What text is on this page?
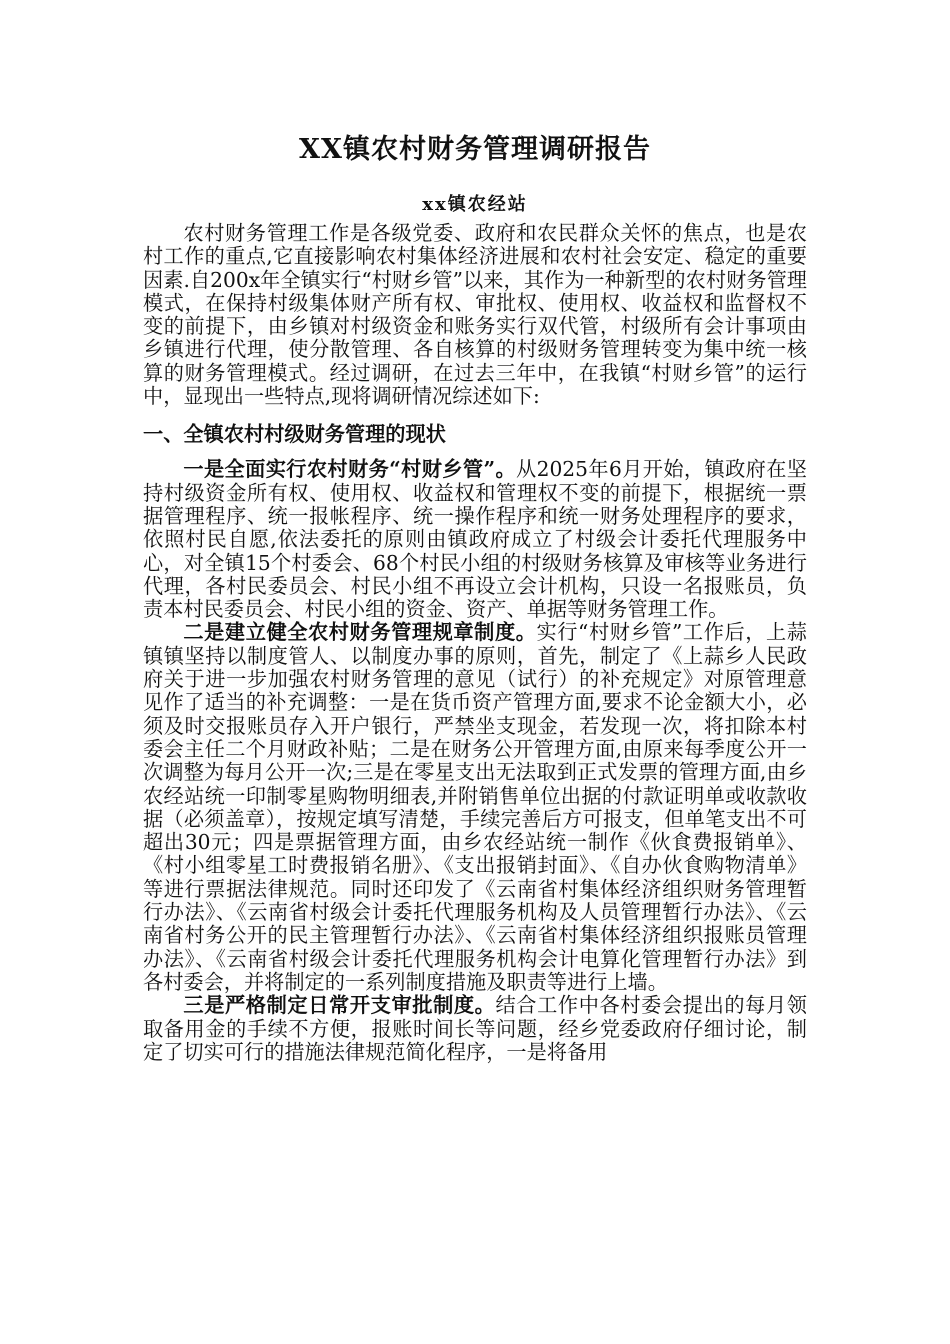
XX镇农村财务管理调研报告
xx镇农经站

农村财务管理工作是各级党委、政府和农民群众关怀的焦点，也是农村工作的重点,它直接影响农村集体经济进展和农村社会安定、稳定的重要因素.自200x年全镇实行“村财乡管”以来，其作为一种新型的农村财务管理模式，在保持村级集体财产所有权、审批权、使用权、收益权和监督权不变的前提下，由乡镇对村级资金和账务实行双代管，村级所有会计事项由乡镇进行代理，使分散管理、各自核算的村级财务管理转变为集中统一核算的财务管理模式。经过调研，在过去三年中，在我镇“村财乡管”的运行中，显现出一些特点,现将调研情况综述如下:

一、全镇农村村级财务管理的现状

一是全面实行农村财务“村财乡管”。从2025年6月开始，镇政府在坚持村级资金所有权、使用权、收益权和管理权不变的前提下，根据统一票据管理程序、统一报帐程序、统一操作程序和统一财务处理程序的要求，依照村民自愿,依法委托的原则由镇政府成立了村级会计委托代理服务中心，对全镇15个村委会、68个村民小组的村级财务核算及审核等业务进行代理，各村民委员会、村民小组不再设立会计机构，只设一名报账员，负责本村民委员会、村民小组的资金、资产、单据等财务管理工作。

二是建立健全农村财务管理规章制度。实行“村财乡管”工作后，上蒜镇镇坚持以制度管人、以制度办事的原则，首先，制定了《上蒜乡人民政府关于进一步加强农村财务管理的意见（试行）的补充规定》对原管理意见作了适当的补充调整：一是在货币资产管理方面,要求不论金额大小，必须及时交报账员存入开户银行，严禁坐支现金，若发现一次，将扣除本村委会主任二个月财政补贴；二是在财务公开管理方面,由原来每季度公开一次调整为每月公开一次;三是在零星支出无法取到正式发票的管理方面,由乡农经站统一印制零星购物明细表,并附销售单位出据的付款证明单或收款收据（必须盖章），按规定填写清楚，手续完善后方可报支，但单笔支出不可超出30元；四是票据管理方面，由乡农经站统一制作《伙食费报销单》、《村小组零星工时费报销名册》、《支出报销封面》、《自办伙食购物清单》等进行票据法律规范。同时还印发了《云南省村集体经济组织财务管理暂行办法》、《云南省村级会计委托代理服务机构及人员管理暂行办法》、《云南省村务公开的民主管理暂行办法》、《云南省村集体经济组织报账员管理办法》、《云南省村级会计委托代理服务机构会计电算化管理暂行办法》到各村委会，并将制定的一系列制度措施及职责等进行上墙。

三是严格制定日常开支审批制度。结合工作中各村委会提出的每月领取备用金的手续不方便，报账时间长等问题，经乡党委政府仔细讨论，制定了切实可行的措施法律规范简化程序，一是将备用
